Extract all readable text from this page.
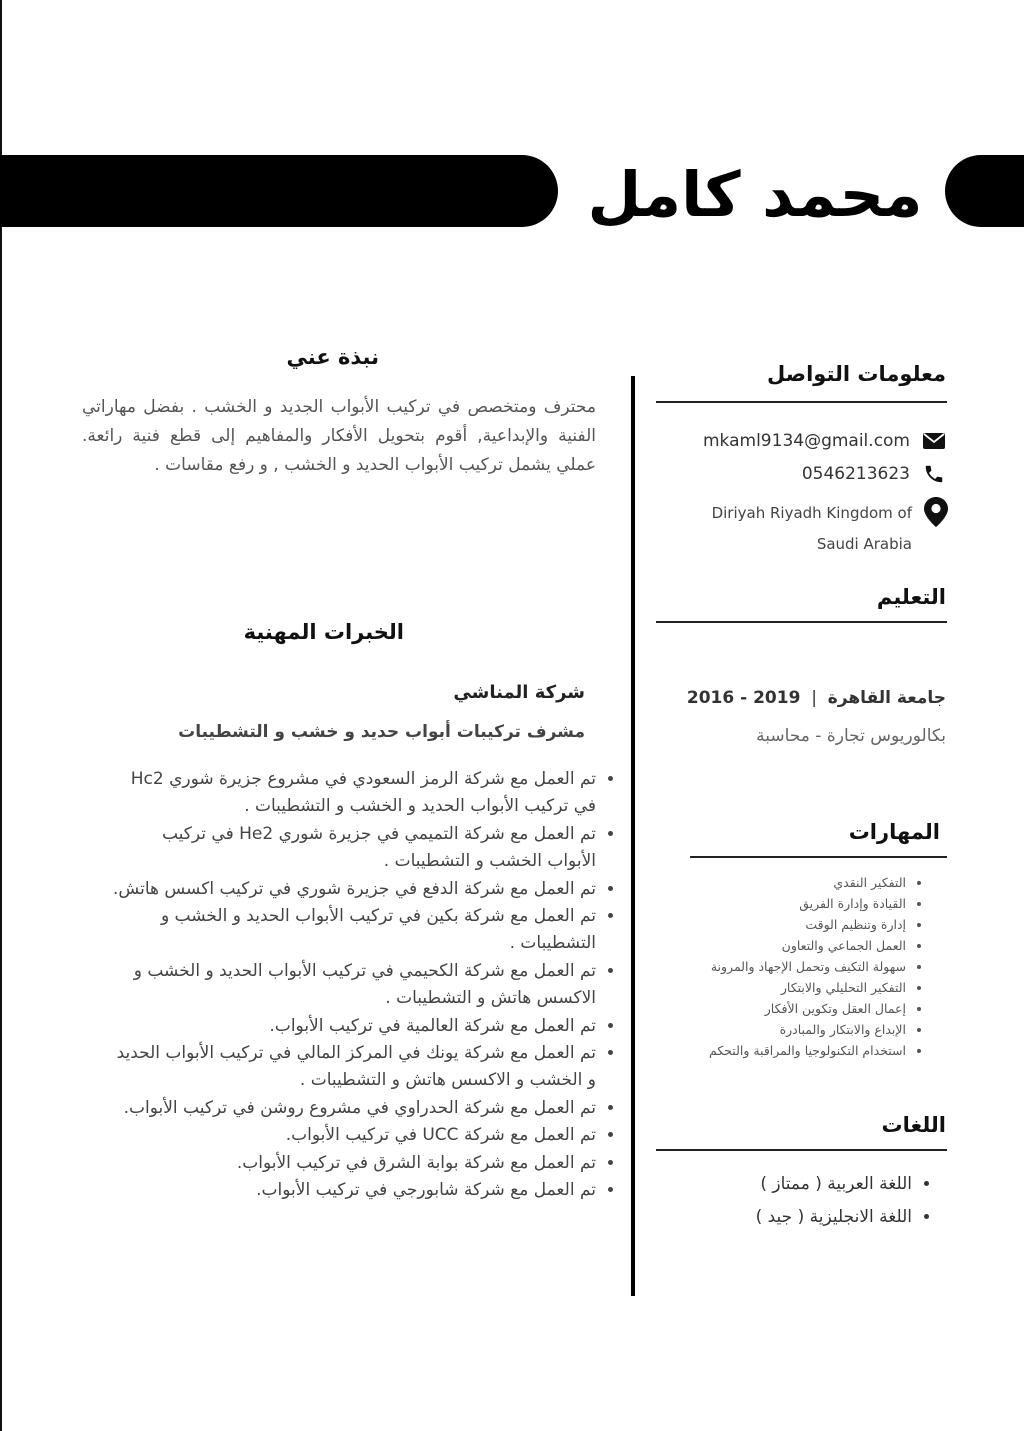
محمد كامل
معلومات التواصل
mkaml9134@gmail.com
0546213623
Diriyah Riyadh Kingdom of
Saudi Arabia
التعليم
جامعة القاهرة  |  2016 - 2019
بكالوريوس تجارة - محاسبة
المهارات
• التفكير النقدي
• القيادة وإدارة الفريق
• إدارة وتنظيم الوقت
• العمل الجماعي والتعاون
• سهولة التكيف وتحمل الإجهاد والمرونة
• التفكير التحليلي والابتكار
• إعمال العقل وتكوين الأفكار
• الإبداع والابتكار والمبادرة
• استخدام التكنولوجيا والمراقبة والتحكم
اللغات
• اللغة العربية ( ممتاز )
• اللغة الانجليزية ( جيد )
نبذة عني
محترف ومتخصص في تركيب الأبواب الجديد و الخشب . بفضل مهاراتي الفنية والإبداعية, أقوم بتحويل الأفكار والمفاهيم إلى قطع فنية رائعة. عملي يشمل تركيب الأبواب الحديد و الخشب , و رفع مقاسات .
الخبرات المهنية
شركة المناشي
مشرف تركيبات أبواب حديد و خشب و التشطيبات
• تم العمل مع شركة الرمز السعودي في مشروع جزيرة شوري Hc2 في تركيب الأبواب الحديد و الخشب و التشطيبات .
• تم العمل مع شركة التميمي في جزيرة شوري He2 في تركيب الأبواب الخشب و التشطيبات .
• تم العمل مع شركة الدفع في جزيرة شوري في تركيب اكسس هاتش.
• تم العمل مع شركة بكين في تركيب الأبواب الحديد و الخشب و التشطيبات .
• تم العمل مع شركة الكحيمي في تركيب الأبواب الحديد و الخشب و الاكسس هاتش و التشطيبات .
• تم العمل مع شركة العالمية في تركيب الأبواب.
• تم العمل مع شركة يونك في المركز المالي في تركيب الأبواب الحديد و الخشب و الاكسس هاتش و التشطيبات .
• تم العمل مع شركة الحدراوي في مشروع روشن في تركيب الأبواب.
• تم العمل مع شركة UCC في تركيب الأبواب.
• تم العمل مع شركة بوابة الشرق في تركيب الأبواب.
• تم العمل مع شركة شابورجي في تركيب الأبواب.
